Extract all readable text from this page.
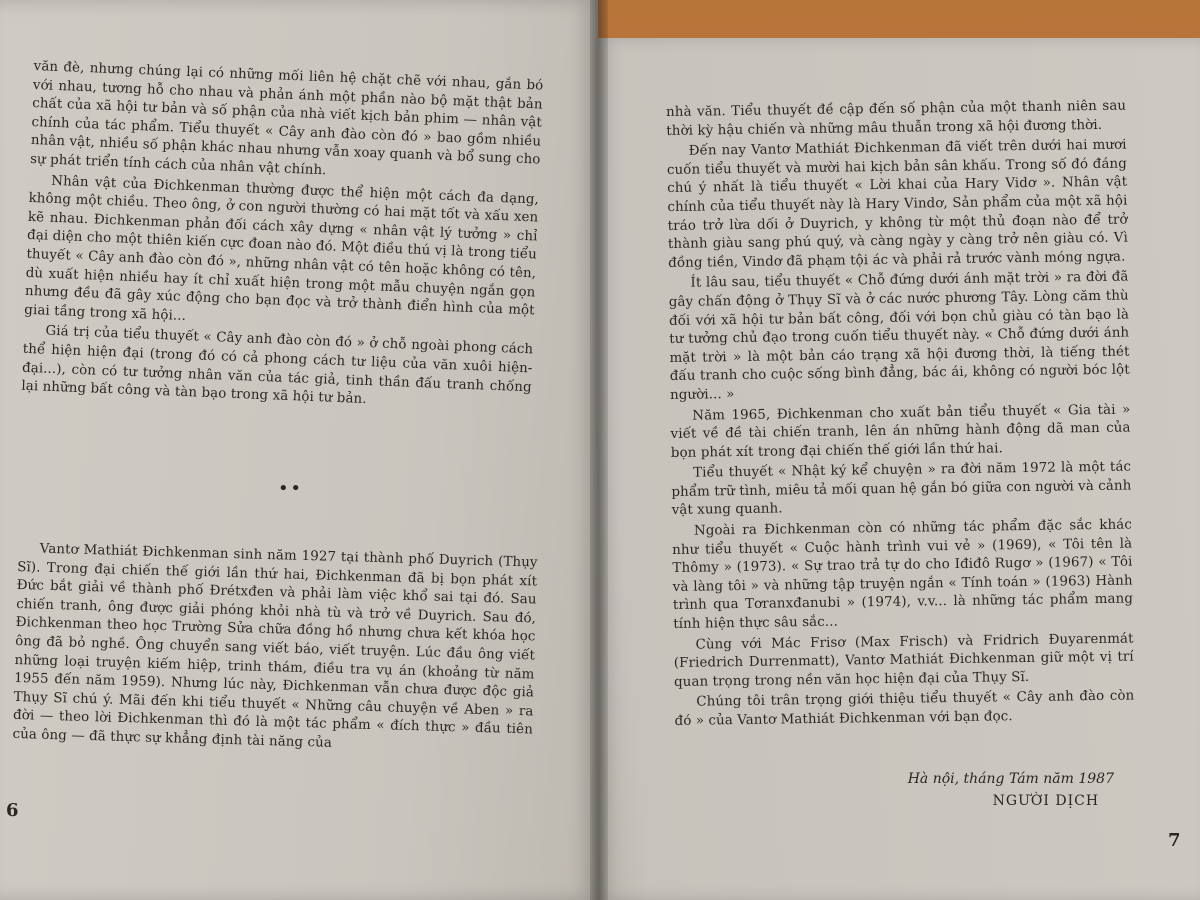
văn đè, nhưng chúng lại có những mối liên hệ chặt chẽ với nhau, gắn bó với nhau, tương hỗ cho nhau và phản ánh một phần nào bộ mặt thật bản chất của xã hội tư bản và số phận của nhà viết kịch bản phim — nhân vật chính của tác phẩm. Tiểu thuyết « Cây anh đào còn đó » bao gồm nhiều nhân vật, nhiều số phận khác nhau nhưng vẫn xoay quanh và bổ sung cho sự phát triển tính cách của nhân vật chính.

Nhân vật của Đichkenman thường được thể hiện một cách đa dạng, không một chiều. Theo ông, ở con người thường có hai mặt tốt và xấu xen kẽ nhau. Đichkenman phản đối cách xây dựng « nhân vật lý tưởng » chỉ đại diện cho một thiên kiến cực đoan nào đó. Một điều thú vị là trong tiểu thuyết « Cây anh đào còn đó », những nhân vật có tên hoặc không có tên, dù xuất hiện nhiều hay ít chỉ xuất hiện trong một mẫu chuyện ngắn gọn nhưng đều đã gây xúc động cho bạn đọc và trở thành điển hình của một giai tầng trong xã hội...

Giá trị của tiểu thuyết « Cây anh đào còn đó » ở chỗ ngoài phong cách thể hiện hiện đại (trong đó có cả phong cách tư liệu của văn xuôi hiện-đại...), còn có tư tưởng nhân văn của tác giả, tinh thần đấu tranh chống lại những bất công và tàn bạo trong xã hội tư bản.

• •

Vantơ Mathiát Đichkenman sinh năm 1927 tại thành phố Duyrich (Thụy Sĩ). Trong đại chiến thế giới lần thứ hai, Đichkenman đã bị bọn phát xít Đức bắt giải về thành phố Đrétxđen và phải làm việc khổ sai tại đó. Sau chiến tranh, ông được giải phóng khỏi nhà tù và trở về Duyrich. Sau đó, Đichkenman theo học Trường Sửa chữa đồng hồ nhưng chưa kết khóa học ông đã bỏ nghề. Ông chuyển sang viết báo, viết truyện. Lúc đầu ông viết những loại truyện kiếm hiệp, trinh thám, điều tra vụ án (khoảng từ năm 1955 đến năm 1959). Nhưng lúc này, Đichkenman vẫn chưa được độc giả Thụy Sĩ chú ý. Mãi đến khi tiểu thuyết « Những câu chuyện về Aben » ra đời — theo lời Đichkenman thì đó là một tác phẩm « đích thực » đầu tiên của ông — đã thực sự khẳng định tài năng của

6

nhà văn. Tiểu thuyết đề cập đến số phận của một thanh niên sau thời kỳ hậu chiến và những mâu thuẫn trong xã hội đương thời.

Đến nay Vantơ Mathiát Đichkenman đã viết trên dưới hai mươi cuốn tiểu thuyết và mười hai kịch bản sân khấu. Trong số đó đáng chú ý nhất là tiểu thuyết « Lời khai của Hary Vidơ ». Nhân vật chính của tiểu thuyết này là Hary Vindơ, Sản phẩm của một xã hội tráo trở lừa dối ở Duyrich, y không từ một thủ đoạn nào để trở thành giàu sang phú quý, và càng ngày y càng trở nên giàu có. Vì đồng tiền, Vindơ đã phạm tội ác và phải rả trước vành móng ngựa.

Ít lâu sau, tiểu thuyết « Chỗ đứng dưới ánh mặt trời » ra đời đã gây chấn động ở Thụy Sĩ và ở các nước phương Tây. Lòng căm thù đối với xã hội tư bản bất công, đối với bọn chủ giàu có tàn bạo là tư tưởng chủ đạo trong cuốn tiểu thuyết này. « Chỗ đứng dưới ánh mặt trời » là một bản cáo trạng xã hội đương thời, là tiếng thét đấu tranh cho cuộc sống bình đẳng, bác ái, không có người bóc lột người... »

Năm 1965, Đichkenman cho xuất bản tiểu thuyết « Gia tài » viết về đề tài chiến tranh, lên án những hành động dã man của bọn phát xít trong đại chiến thế giới lần thứ hai.

Tiểu thuyết « Nhật ký kể chuyện » ra đời năm 1972 là một tác phẩm trữ tình, miêu tả mối quan hệ gắn bó giữa con người và cảnh vật xung quanh.

Ngoài ra Đichkenman còn có những tác phẩm đặc sắc khác như tiểu thuyết « Cuộc hành trình vui vẻ » (1969), « Tôi tên là Thômy » (1973). « Sự trao trả tự do cho Iđiđô Rugơ » (1967) « Tôi và làng tôi » và những tập truyện ngắn « Tính toán » (1963) Hành trình qua Tơranxđanubi » (1974), v.v... là những tác phẩm mang tính hiện thực sâu sắc...

Cùng với Mác Frisơ (Max Frisch) và Fridrich Đuyarenmát (Friedrich Durrenmatt), Vantơ Mathiát Đichkenman giữ một vị trí quan trọng trong nền văn học hiện đại của Thụy Sĩ.

Chúng tôi trân trọng giới thiệu tiểu thuyết « Cây anh đào còn đó » của Vantơ Mathiát Đichkenman với bạn đọc.

Hà nội, tháng Tám năm 1987
NGƯỜI DỊCH
7
